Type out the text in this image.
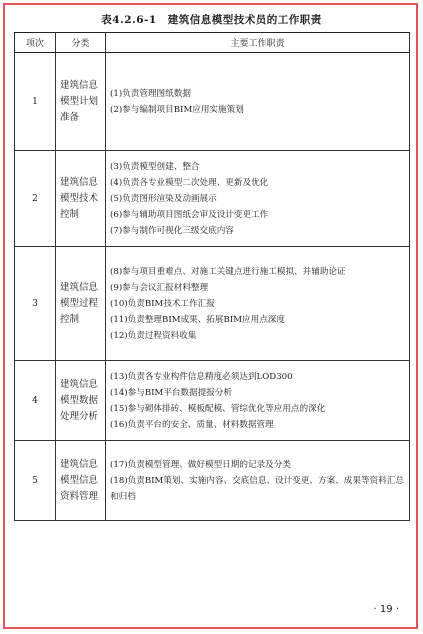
表4.2.6-1　建筑信息模型技术员的工作职责
项次	分类	主要工作职责
1	建筑信息模型计划准备	(1)负责管理图纸数据
(2)参与编制项目BIM应用实施策划

2	建筑信息模型技术控制	(3)负责模型创建、整合
(4)负责各专业模型二次处理、更新及优化
(5)负责图形渲染及动画展示
(6)参与辅助项目图纸会审及设计变更工作
(7)参与制作可视化三级交底内容

3	建筑信息模型过程控制	(8)参与项目重难点、对施工关键点进行施工模拟、并辅助论证
(9)参与会议汇报材料整理
(10)负责BIM技术工作汇报
(11)负责整理BIM成果、拓展BIM应用点深度
(12)负责过程资料收集

4	建筑信息模型数据处理分析	(13)负责各专业构件信息精度必须达到LOD300
(14)参与BIM平台数据提报分析
(15)参与砌体排砖、模板配模、管综优化等应用点的深化
(16)负责平台的安全、质量、材料数据管理

5	建筑信息模型信息资料管理	(17)负责模型管理、做好模型日期的记录及分类
(18)负责BIM策划、实施内容、交底信息、设计变更、方案、成果等资料汇总和归档
· 19 ·
